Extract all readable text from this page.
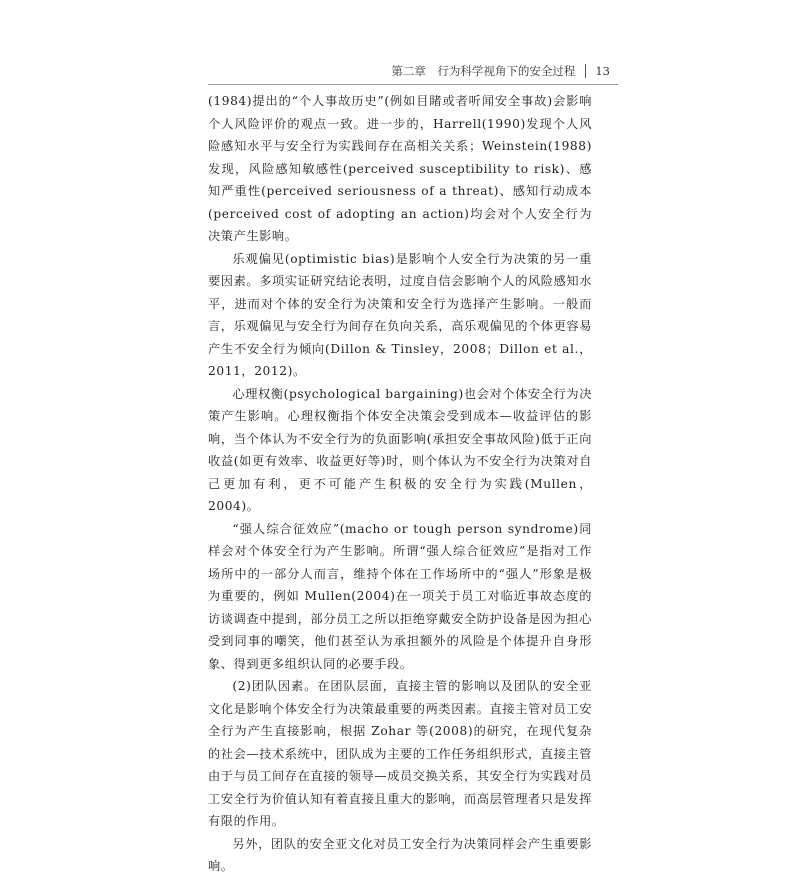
第二章　行为科学视角下的安全过程 13

(1984)提出的“个人事故历史”(例如目睹或者听闻安全事故)会影响个人风险评价的观点一致。进一步的，Harrell(1990)发现个人风险感知水平与安全行为实践间存在高相关关系；Weinstein(1988)发现，风险感知敏感性(perceived susceptibility to risk)、感知严重性(perceived seriousness of a threat)、感知行动成本(perceived cost of adopting an action)均会对个人安全行为决策产生影响。

乐观偏见(optimistic bias)是影响个人安全行为决策的另一重要因素。多项实证研究结论表明，过度自信会影响个人的风险感知水平，进而对个体的安全行为决策和安全行为选择产生影响。一般而言，乐观偏见与安全行为间存在负向关系，高乐观偏见的个体更容易产生不安全行为倾向(Dillon & Tinsley，2008；Dillon et al.，2011，2012)。

心理权衡(psychological bargaining)也会对个体安全行为决策产生影响。心理权衡指个体安全决策会受到成本—收益评估的影响，当个体认为不安全行为的负面影响(承担安全事故风险)低于正向收益(如更有效率、收益更好等)时，则个体认为不安全行为决策对自己更加有利，更不可能产生积极的安全行为实践(Mullen，2004)。

“强人综合征效应”(macho or tough person syndrome)同样会对个体安全行为产生影响。所谓“强人综合征效应”是指对工作场所中的一部分人而言，维持个体在工作场所中的“强人”形象是极为重要的，例如 Mullen(2004)在一项关于员工对临近事故态度的访谈调查中提到，部分员工之所以拒绝穿戴安全防护设备是因为担心受到同事的嘲笑，他们甚至认为承担额外的风险是个体提升自身形象、得到更多组织认同的必要手段。

(2)团队因素。在团队层面，直接主管的影响以及团队的安全亚文化是影响个体安全行为决策最重要的两类因素。直接主管对员工安全行为产生直接影响，根据 Zohar 等(2008)的研究，在现代复杂的社会—技术系统中，团队成为主要的工作任务组织形式，直接主管由于与员工间存在直接的领导—成员交换关系，其安全行为实践对员工安全行为价值认知有着直接且重大的影响，而高层管理者只是发挥有限的作用。

另外，团队的安全亚文化对员工安全行为决策同样会产生重要影响。
